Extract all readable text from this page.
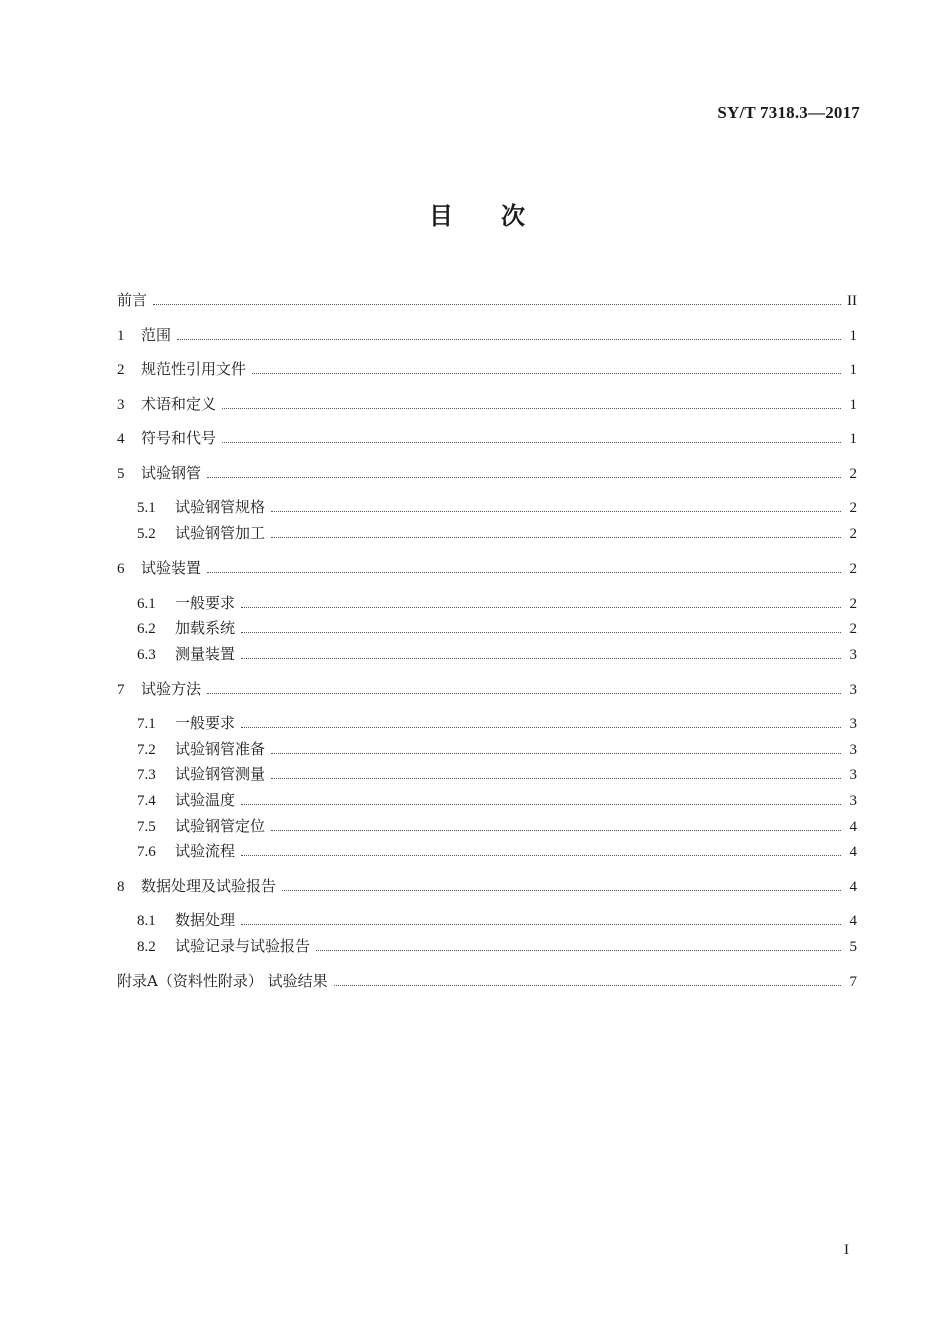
SY/T 7318.3—2017
目次
前言	II
1	范围	1
2	规范性引用文件	1
3	术语和定义	1
4	符号和代号	1
5	试验钢管	2
5.1	试验钢管规格	2
5.2	试验钢管加工	2
6	试验装置	2
6.1	一般要求	2
6.2	加载系统	2
6.3	测量装置	3
7	试验方法	3
7.1	一般要求	3
7.2	试验钢管准备	3
7.3	试验钢管测量	3
7.4	试验温度	3
7.5	试验钢管定位	4
7.6	试验流程	4
8	数据处理及试验报告	4
8.1	数据处理	4
8.2	试验记录与试验报告	5
附录A（资料性附录） 试验结果	7
I
